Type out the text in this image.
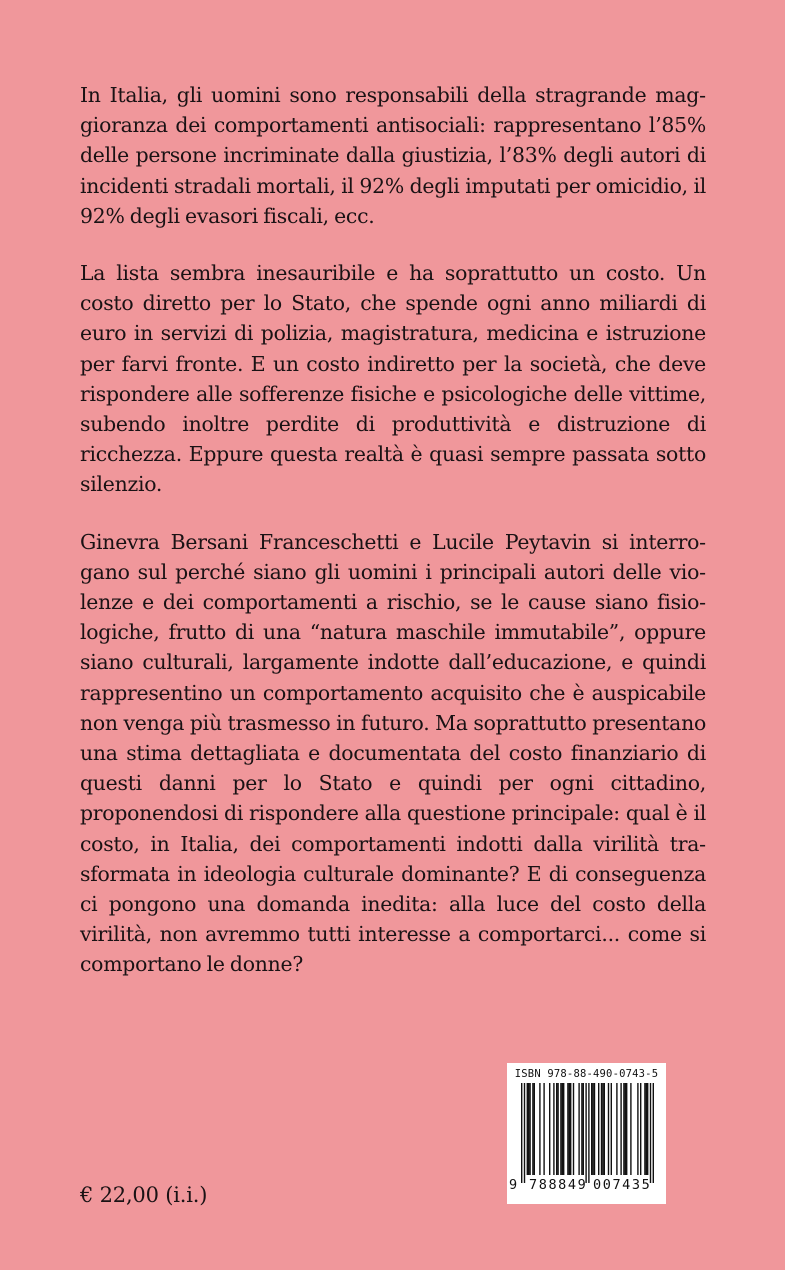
In Italia, gli uomini sono responsabili della stragrande maggioranza dei comportamenti antisociali: rappresentano l’85% delle persone incriminate dalla giustizia, l’83% degli autori di incidenti stradali mortali, il 92% degli imputati per omicidio, il 92% degli evasori fiscali, ecc.

La lista sembra inesauribile e ha soprattutto un costo. Un costo diretto per lo Stato, che spende ogni anno miliardi di euro in servizi di polizia, magistratura, medicina e istruzione per farvi fronte. E un costo indiretto per la società, che deve rispondere alle sofferenze fisiche e psicologiche delle vittime, subendo inoltre perdite di produttività e distruzione di ricchezza. Eppure questa realtà è quasi sempre passata sotto silenzio.

Ginevra Bersani Franceschetti e Lucile Peytavin si interrogano sul perché siano gli uomini i principali autori delle violenze e dei comportamenti a rischio, se le cause siano fisiologiche, frutto di una “natura maschile immutabile”, oppure siano culturali, largamente indotte dall’educazione, e quindi rappresentino un comportamento acquisito che è auspicabile non venga più trasmesso in futuro. Ma soprattutto presentano una stima dettagliata e documentata del costo finanziario di questi danni per lo Stato e quindi per ogni cittadino, proponendosi di rispondere alla questione principale: qual è il costo, in Italia, dei comportamenti indotti dalla virilità trasformata in ideologia culturale dominante? E di conseguenza ci pongono una domanda inedita: alla luce del costo della virilità, non avremmo tutti interesse a comportarci... come si comportano le donne?

€ 22,00 (i.i.)
ISBN 978-88-490-0743-5
9 788849 007435
